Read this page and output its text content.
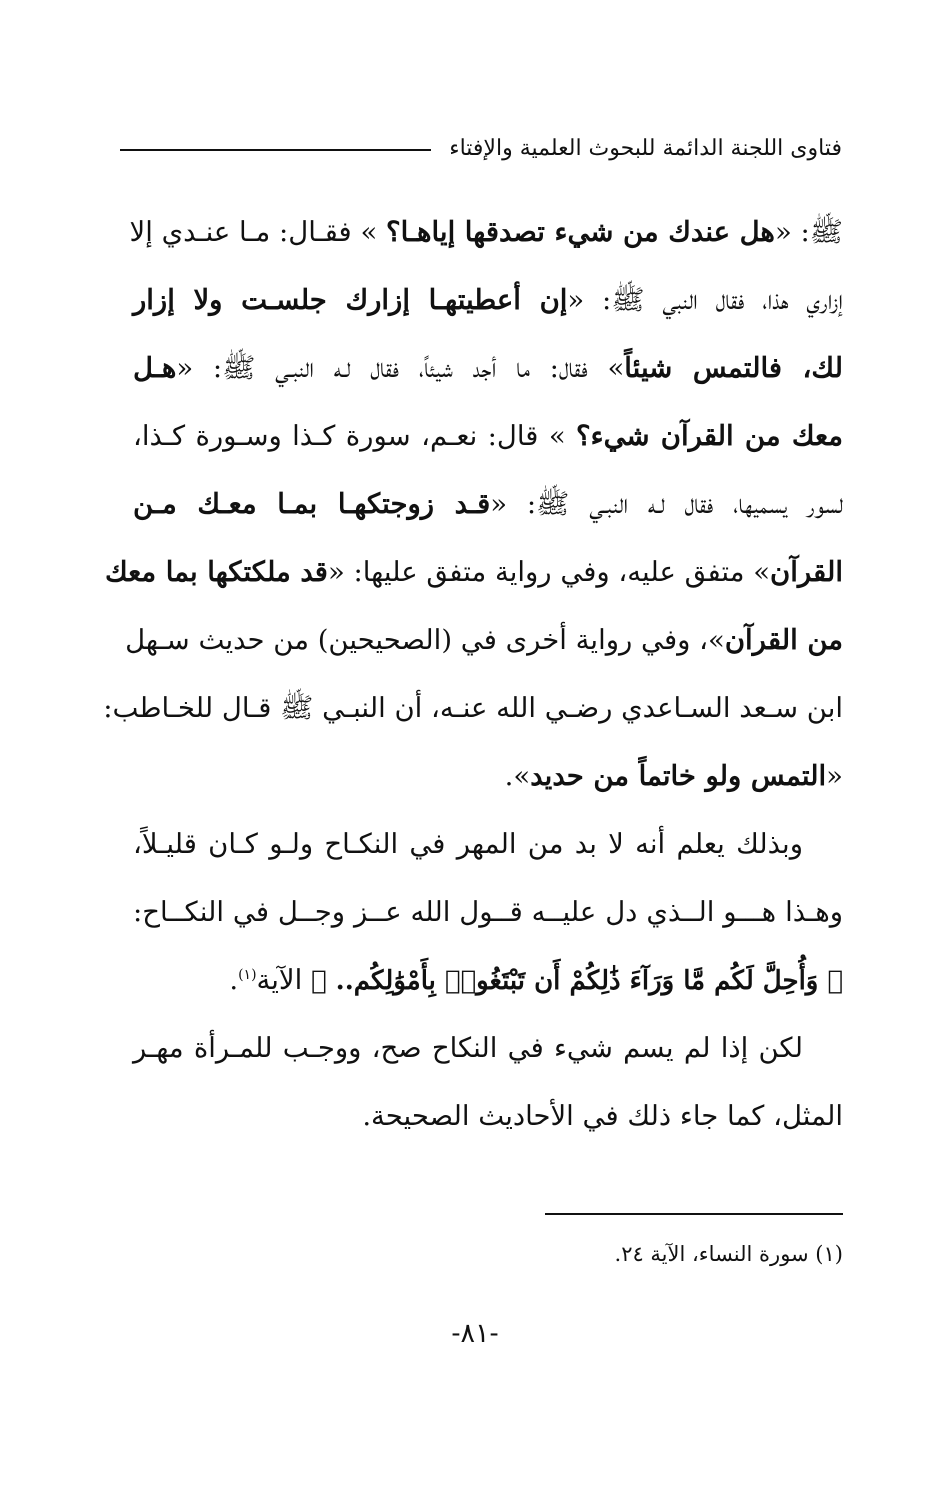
فتاوى اللجنة الدائمة للبحوث العلمية والإفتاء

ﷺ: «هل عندك من شيء تصدقها إياهـا؟ » فقـال: مـا عنـدي إلا
إزاري هذا، فقال النبي ﷺ: «إن أعطيتهـا إزارك جلسـت ولا إزار
لك، فالتمس شيئاً» فقال: ما أجد شيئاً، فقال لـه النبـي ﷺ: «هـل
معك من القرآن شيء؟ » قال: نعـم، سورة كـذا وسـورة كـذا،
لسور يسميها، فقال لـه النبـي ﷺ: «قـد زوجتكهـا بمـا معـك مـن
القرآن» متفق عليه، وفي رواية متفق عليها: «قد ملكتكها بما معك
من القرآن»، وفي رواية أخرى في (الصحيحين) من حديث سـهل
ابن سـعد السـاعدي رضـي الله عنـه، أن النبـي ﷺ قـال للخـاطب:
«التمس ولو خاتماً من حديد».

وبذلك يعلم أنه لا بد من المهر في النكـاح ولـو كـان قليـلاً،
وهـذا هـــو الــذي دل عليــه قــول الله عــز وجــل في النكــاح:
﴿ وَأُحِلَّ لَكُم مَّا وَرَآءَ ذَٰلِكُمْ أَن تَبْتَغُوا۟ بِأَمْوَٰلِكُم.. ﴾ الآية$^{(١)}$.

لكن إذا لم يسم شيء في النكاح صح، ووجـب للمـرأة مهـر
المثل، كما جاء ذلك في الأحاديث الصحيحة.

(١) سورة النساء، الآية ٢٤.
-٨١-
